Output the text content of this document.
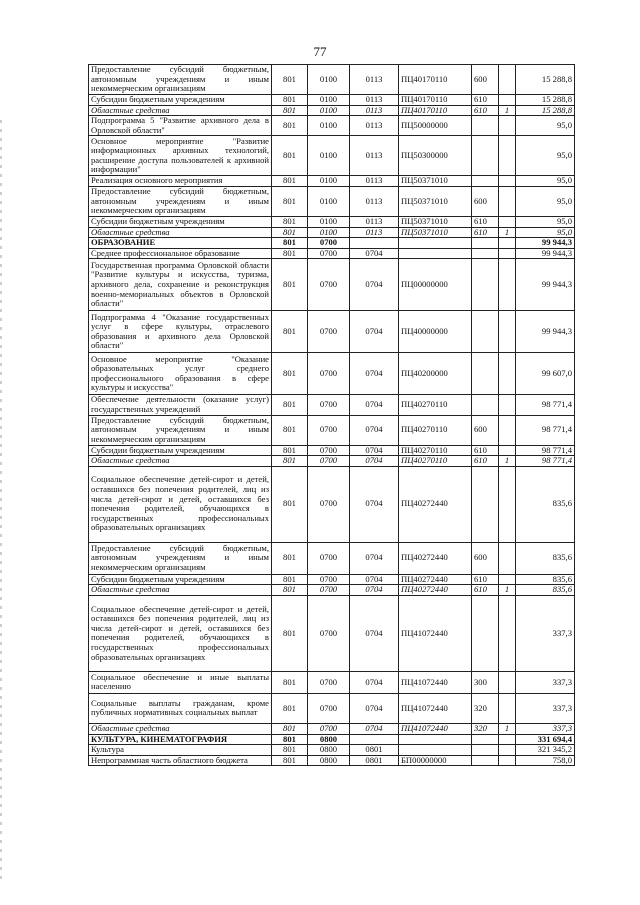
77
Предоставление субсидий бюджетным, автономным учреждениям и иным некоммерческим организациям	801	0100	0113	ПЦ40170110	600		15 288,8
Субсидии бюджетным учреждениям	801	0100	0113	ПЦ40170110	610		15 288,8
Областные средства	801	0100	0113	ПЦ40170110	610	1	15 288,8
Подпрограмма 5 "Развитие архивного дела в Орловской области"	801	0100	0113	ПЦ50000000			95,0
Основное мероприятие "Развитие информационных архивных технологий, расширение доступа пользователей к архивной информации"	801	0100	0113	ПЦ50300000			95,0
Реализация основного мероприятия	801	0100	0113	ПЦ50371010			95,0
Предоставление субсидий бюджетным, автономным учреждениям и иным некоммерческим организациям	801	0100	0113	ПЦ50371010	600		95,0
Субсидии бюджетным учреждениям	801	0100	0113	ПЦ50371010	610		95,0
Областные средства	801	0100	0113	ПЦ50371010	610	1	95,0
ОБРАЗОВАНИЕ	801	0700					99 944,3
Среднее профессиональное образование	801	0700	0704				99 944,3
Государственная программа Орловской области "Развитие культуры и искусства, туризма, архивного дела, сохранение и реконструкция военно-мемориальных объектов в Орловской области"	801	0700	0704	ПЦ00000000			99 944,3
Подпрограмма 4 "Оказание государственных услуг в сфере культуры, отраслевого образования и архивного дела Орловской области"	801	0700	0704	ПЦ40000000			99 944,3
Основное мероприятие "Оказание образовательных услуг среднего профессионального образования в сфере культуры и искусства"	801	0700	0704	ПЦ40200000			99 607,0
Обеспечение деятельности (оказание услуг) государственных учреждений	801	0700	0704	ПЦ40270110			98 771,4
Предоставление субсидий бюджетным, автономным учреждениям и иным некоммерческим организациям	801	0700	0704	ПЦ40270110	600		98 771,4
Субсидии бюджетным учреждениям	801	0700	0704	ПЦ40270110	610		98 771,4
Областные средства	801	0700	0704	ПЦ40270110	610	1	98 771,4
Социальное обеспечение детей-сирот и детей, оставшихся без попечения родителей, лиц из числа детей-сирот и детей, оставшихся без попечения родителей, обучающихся в государственных профессиональных образовательных организациях	801	0700	0704	ПЦ40272440			835,6
Предоставление субсидий бюджетным, автономным учреждениям и иным некоммерческим организациям	801	0700	0704	ПЦ40272440	600		835,6
Субсидии бюджетным учреждениям	801	0700	0704	ПЦ40272440	610		835,6
Областные средства	801	0700	0704	ПЦ40272440	610	1	835,6
Социальное обеспечение детей-сирот и детей, оставшихся без попечения родителей, лиц из числа детей-сирот и детей, оставшихся без попечения родителей, обучающихся в государственных профессиональных образовательных организациях	801	0700	0704	ПЦ41072440			337,3
Социальное обеспечение и иные выплаты населению	801	0700	0704	ПЦ41072440	300		337,3
Социальные выплаты гражданам, кроме публичных нормативных социальных выплат	801	0700	0704	ПЦ41072440	320		337,3
Областные средства	801	0700	0704	ПЦ41072440	320	1	337,3
КУЛЬТУРА, КИНЕМАТОГРАФИЯ	801	0800					331 694,4
Культура	801	0800	0801				321 345,2
Непрограммная часть областного бюджета	801	0800	0801	БП00000000			758,0
